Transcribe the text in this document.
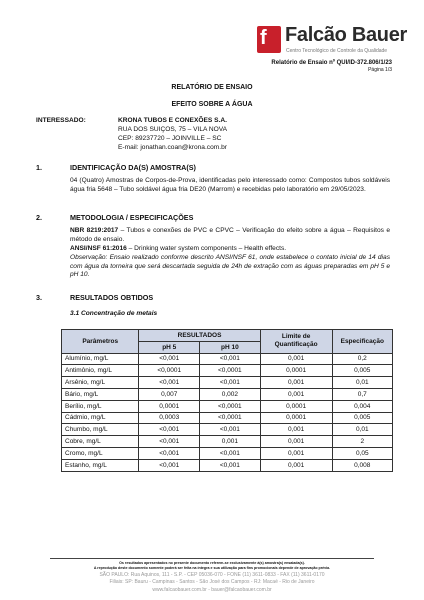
f Falcão Bauer
Centro Tecnológico de Controle da Qualidade
Relatório de Ensaio nº QUI/ID-372.806/1/23
Página 1/3
RELATÓRIO DE ENSAIO
EFEITO SOBRE A ÁGUA
INTERESSADO:	KRONA TUBOS E CONEXÕES S.A.
RUA DOS SUIÇOS, 75 – VILA NOVA
CEP: 89237720 – JOINVILLE – SC
E-mail: jonathan.coan@krona.com.br
1.	IDENTIFICAÇÃO DA(S) AMOSTRA(S)
04 (Quatro) Amostras de Corpos-de-Prova, identificadas pelo interessado como: Compostos tubos soldáveis água fria 5648 – Tubo soldável água fria DE20 (Marrom) e recebidas pelo laboratório em 29/05/2023.
2.	METODOLOGIA / ESPECIFICAÇÕES
NBR 8219:2017 – Tubos e conexões de PVC e CPVC – Verificação do efeito sobre a água – Requisitos e método de ensaio.
ANSI/NSF 61:2016 – Drinking water system components – Health effects.
Observação: Ensaio realizado conforme descrito ANSI/NSF 61, onde estabelece o contato inicial de 14 dias com água da torneira que será descartada seguida de 24h de extração com as águas preparadas em pH 5 e pH 10.
3.	RESULTADOS OBTIDOS
3.1 Concentração de metais
Parâmetros	RESULTADOS		Limite de Quantificação	Especificação
	pH 5	pH 10		
Alumínio, mg/L	<0,001	<0,001	0,001	0,2
Antimônio, mg/L	<0,0001	<0,0001	0,0001	0,005
Arsênio, mg/L	<0,001	<0,001	0,001	0,01
Bário, mg/L	0,007	0,002	0,001	0,7
Berílio, mg/L	0,0001	<0,0001	0,0001	0,004
Cádmio, mg/L	0,0003	<0,0001	0,0001	0,005
Chumbo, mg/L	<0,001	<0,001	0,001	0,01
Cobre, mg/L	<0,001	0,001	0,001	2
Cromo, mg/L	<0,001	<0,001	0,001	0,05
Estanho, mg/L	<0,001	<0,001	0,001	0,008
Os resultados apresentados no presente documento referem-se exclusivamente à(s) amostra(s) ensaiada(s).
A reprodução deste documento somente poderá ser feita na íntegra e sua utilização para fins promocionais depende de aprovação prévia.
SÃO PAULO: Rua Aquinos, 111 - S.P. - CEP 05036-070 - FONE (11) 3611-0833 - FAX (11) 3611-0170
Filiais: SP: Bauru - Campinas - Santos - São José dos Campos - RJ: Macaé - Rio de Janeiro
www.falcaobauer.com.br - bauer@falcaobauer.com.br
